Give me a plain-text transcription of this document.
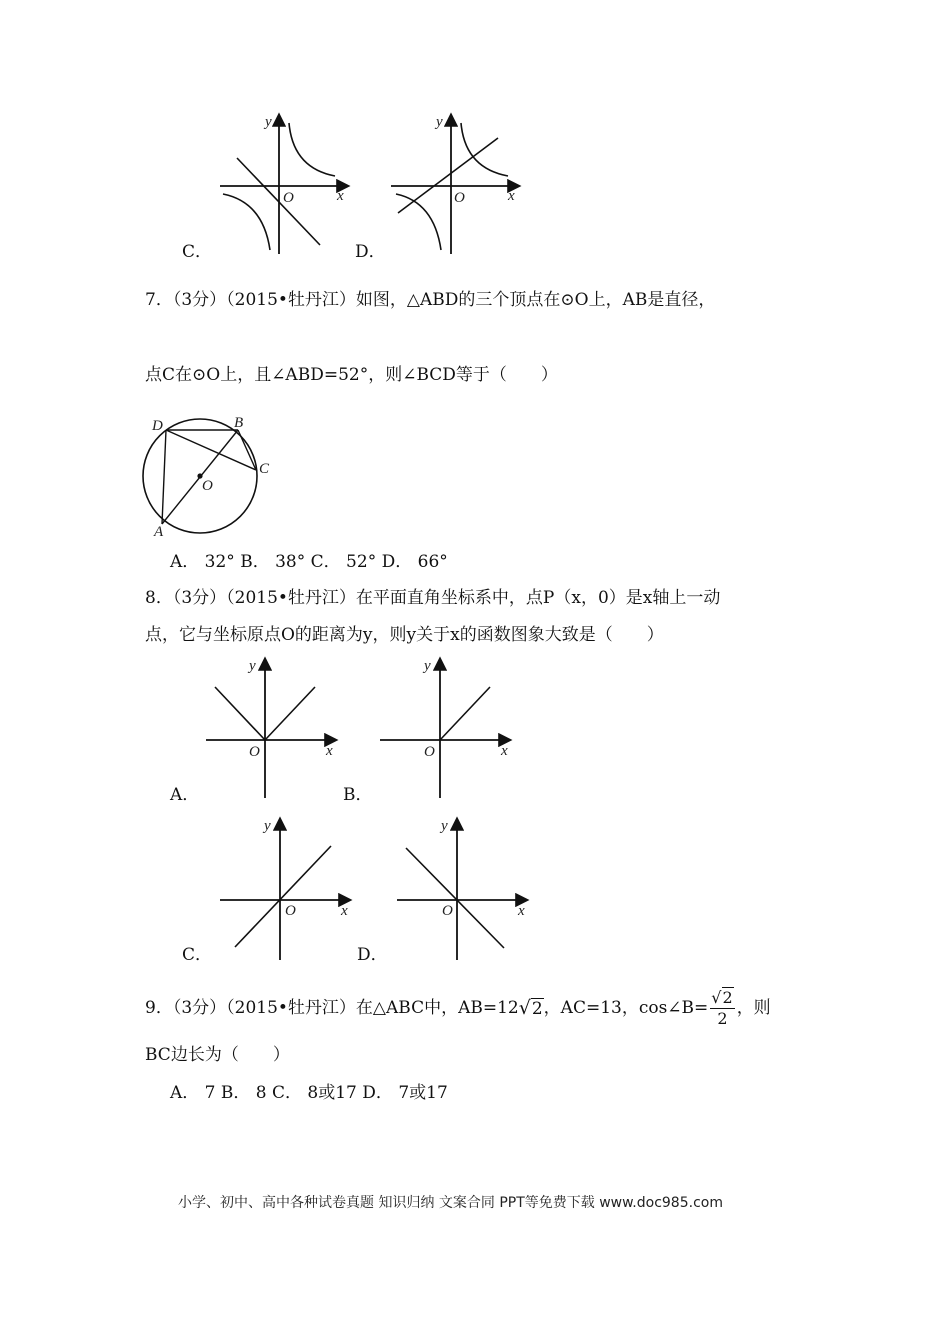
y
x
O
C．
y
x
O
D．
7．（3分）（2015•牡丹江）如图，△ABD的三个顶点在⊙O上，AB是直径，
点C在⊙O上，且∠ABD=52°，则∠BCD等于（　　）
D	B
C
O
A
A． 32° B． 38° C． 52° D． 66°
8．（3分）（2015•牡丹江）在平面直角坐标系中，点P（x，0）是x轴上一动
点，它与坐标原点O的距离为y，则y关于x的函数图象大致是（　　）
y
x
O
A．
y
x
O
B．
y
x
O
C．
y
x
O
D．
9．（3分）（2015•牡丹江）在△ABC中，AB=12 √2 ，AC=13，cos∠B= $\frac{√2}{2}$ ，则
BC边长为（　　）
A． 7 B． 8 C． 8或17 D． 7或17
小学、初中、高中各种试卷真题 知识归纳 文案合同 PPT等免费下载 www.doc985.com
